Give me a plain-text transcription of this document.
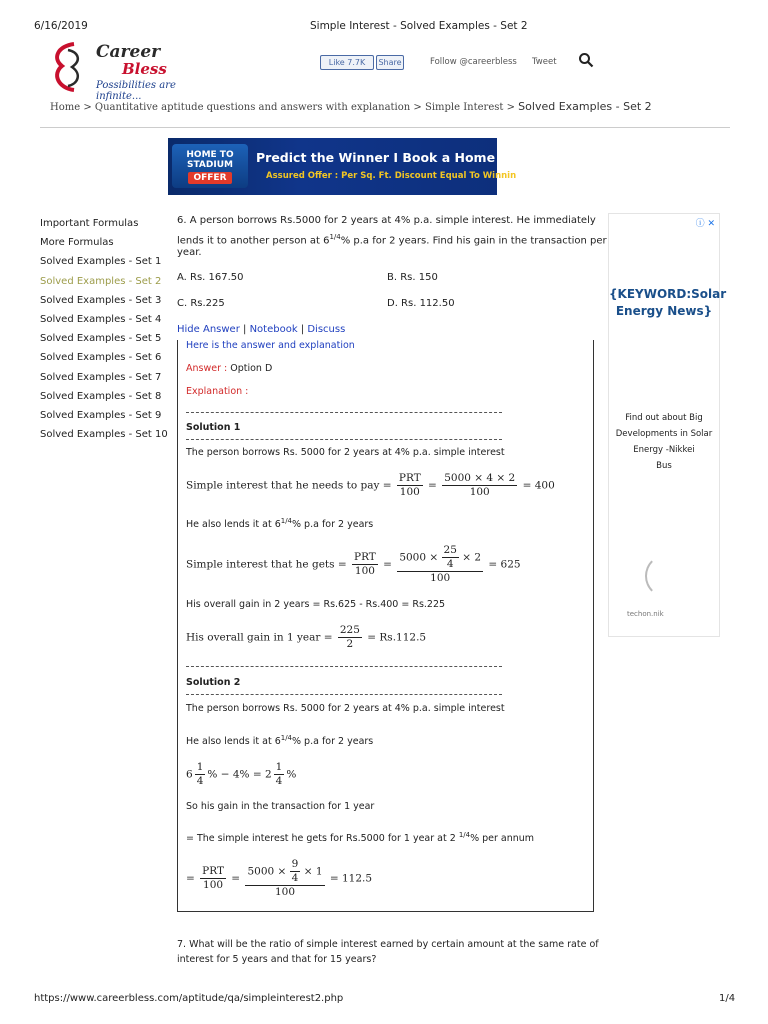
6/16/2019	Simple Interest - Solved Examples - Set 2
Career
Bless
Possibilities are infinite...
Like 7.7K	Share	Follow @careerbless Tweet
Home > Quantitative aptitude questions and answers with explanation > Simple Interest > Solved Examples - Set 2
HOME TO
STADIUM
OFFER
Predict the Winner I Book a Home I Fly
Assured Offer : Per Sq. Ft. Discount Equal To Winnin
Important Formulas
More Formulas
Solved Examples - Set 1
Solved Examples - Set 2
Solved Examples - Set 3
Solved Examples - Set 4
Solved Examples - Set 5
Solved Examples - Set 6
Solved Examples - Set 7
Solved Examples - Set 8
Solved Examples - Set 9
Solved Examples - Set 10
6. A person borrows Rs.5000 for 2 years at 4% p.a. simple interest. He immediately
lends it to another person at $6^{1/4}\%$ p.a for 2 years. Find his gain in the transaction per
year.
A. Rs. 167.50	B. Rs. 150
C. Rs.225	D. Rs. 112.50
Hide Answer | Notebook | Discuss
Here is the answer and explanation
Answer : Option D
Explanation :
Solution 1
The person borrows Rs. 5000 for 2 years at 4% p.a. simple interest
Simple interest that he needs to pay = $\frac{\text{PRT}}{100} = \frac{5000 \times 4 \times 2}{100} = 400$
He also lends it at $6^{1/4}\%$ p.a for 2 years
Simple interest that he gets = $\frac{\text{PRT}}{100} = \frac{5000 \times \frac{25}{4} \times 2}{100} = 625$
His overall gain in 2 years = Rs.625 - Rs.400 = Rs.225
His overall gain in 1 year = $\frac{225}{2} = Rs.112.5$
Solution 2
The person borrows Rs. 5000 for 2 years at 4% p.a. simple interest
He also lends it at $6^{1/4}\%$ p.a for 2 years
$6 \frac{1}{4}$ % − $4\% = 2 \frac{1}{4}$ %
So his gain in the transaction for 1 year
= The simple interest he gets for Rs.5000 for 1 year at 2 $^{1/4}$% per annum
= $\frac{\text{PRT}}{100} = \frac{5000 \times \frac{9}{4} \times 1}{100} = 112.5$
7. What will be the ratio of simple interest earned by certain amount at the same rate of
interest for 5 years and that for 15 years?
ⓘ ✕
{KEYWORD:Solar Energy News}
Find out about Big
Developments in Solar
Energy -Nikkei
Bus
techon.nik
https://www.careerbless.com/aptitude/qa/simpleinterest2.php	1/4
